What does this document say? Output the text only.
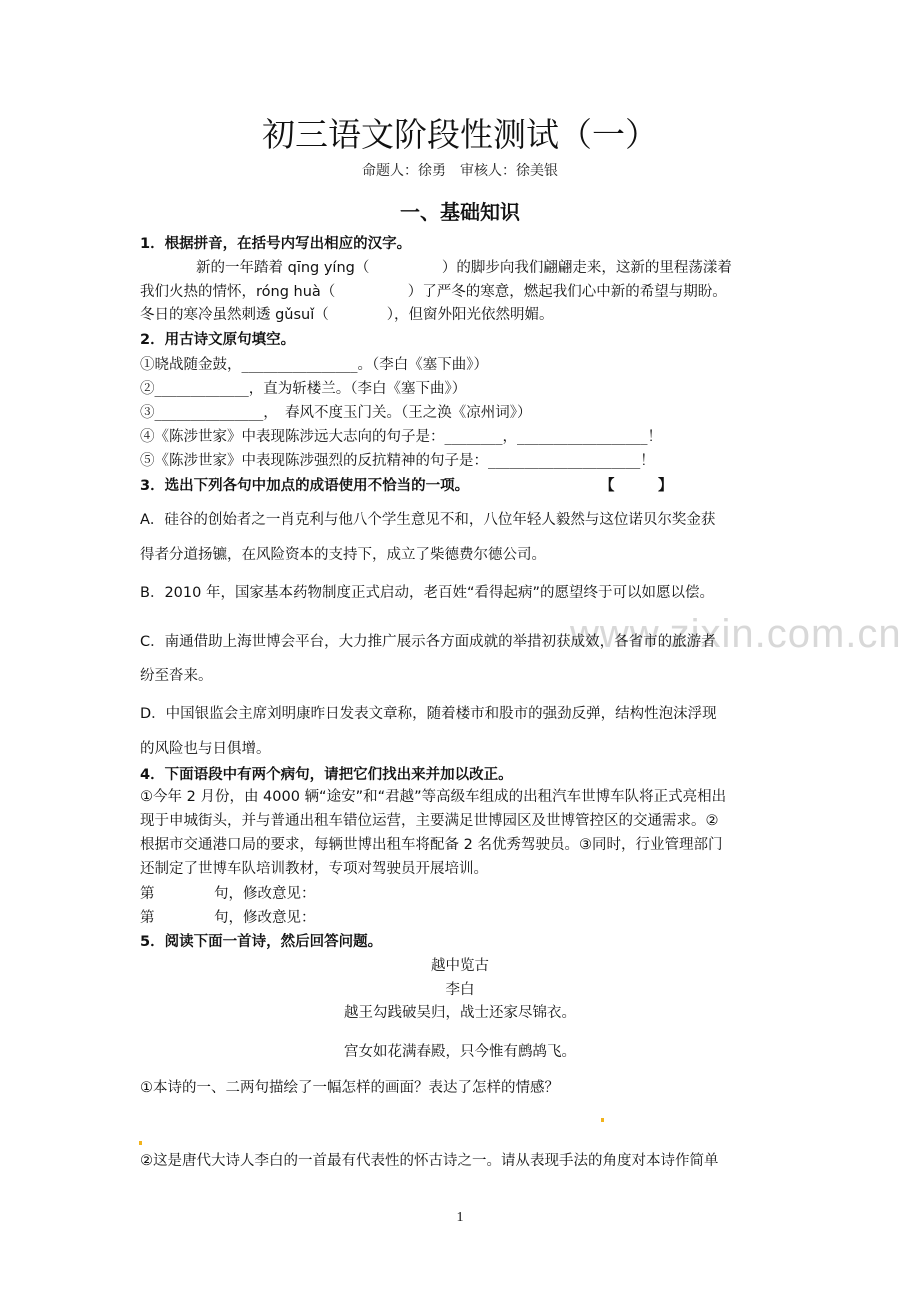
初三语文阶段性测试（一）
命题人：徐勇　审核人：徐美银
一、基础知识
1．根据拼音，在括号内写出相应的汉字。
新的一年踏着 qīng yíng（　　　　　）的脚步向我们翩翩走来，这新的里程荡漾着
我们火热的情怀，róng huà（　　　　　）了严冬的寒意，燃起我们心中新的希望与期盼。
冬日的寒冷虽然刺透 gǔsuǐ（　　　　），但窗外阳光依然明媚。
2．用古诗文原句填空。
①晓战随金鼓，________________。（李白《塞下曲》）
②_____________，直为斩楼兰。（李白《塞下曲》）
③_______________，　春风不度玉门关。（王之涣《凉州词》）
④《陈涉世家》中表现陈涉远大志向的句子是：________，__________________！
⑤《陈涉世家》中表现陈涉强烈的反抗精神的句子是：_____________________！
3．选出下列各句中加点的成语使用不恰当的一项。	【　　　】
A．硅谷的创始者之一肖克利与他八个学生意见不和，八位年轻人毅然与这位诺贝尔奖金获
得者分道扬镳，在风险资本的支持下，成立了柴德费尔德公司。
B．2010 年，国家基本药物制度正式启动，老百姓“看得起病”的愿望终于可以如愿以偿。
www.zixin.com.cn
C．南通借助上海世博会平台，大力推广展示各方面成就的举措初获成效，各省市的旅游者
纷至沓来。
D．中国银监会主席刘明康昨日发表文章称，随着楼市和股市的强劲反弹，结构性泡沫浮现
的风险也与日俱增。
4．下面语段中有两个病句，请把它们找出来并加以改正。
①今年 2 月份，由 4000 辆“途安”和“君越”等高级车组成的出租汽车世博车队将正式亮相出
现于申城街头，并与普通出租车错位运营，主要满足世博园区及世博管控区的交通需求。②
根据市交通港口局的要求，每辆世博出租车将配备 2 名优秀驾驶员。③同时，行业管理部门
还制定了世博车队培训教材，专项对驾驶员开展培训。
第	句，修改意见：
第	句，修改意见：
5．阅读下面一首诗，然后回答问题。
越中览古
李白
越王勾践破吴归，战士还家尽锦衣。
宫女如花满春殿，只今惟有鹧鸪飞。
①本诗的一、二两句描绘了一幅怎样的画面？表达了怎样的情感？
②这是唐代大诗人李白的一首最有代表性的怀古诗之一。请从表现手法的角度对本诗作简单
1
